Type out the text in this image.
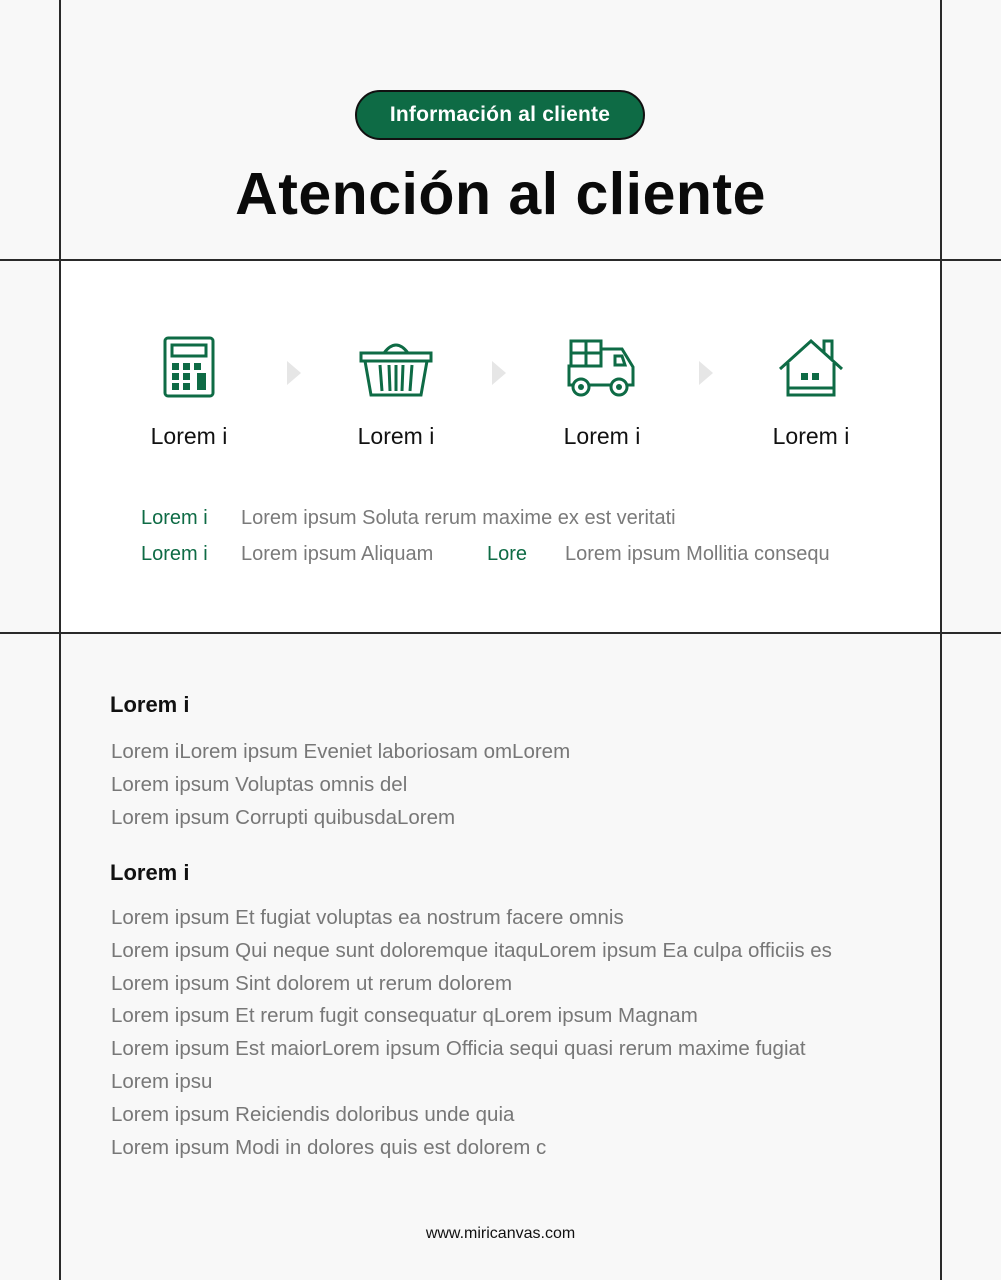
Información al cliente
Atención al cliente
Lorem i	Lorem i	Lorem i	Lorem i
Lorem i Lorem ipsum Soluta rerum maxime ex est veritati
Lorem i Lorem ipsum Aliquam	Lore Lorem ipsum Mollitia consequ
Lorem i
Lorem iLorem ipsum Eveniet laboriosam omLorem
Lorem ipsum Voluptas omnis del
Lorem ipsum Corrupti quibusdaLorem
Lorem i
Lorem ipsum Et fugiat voluptas ea nostrum facere omnis
Lorem ipsum Qui neque sunt doloremque itaquLorem ipsum Ea culpa officiis es
Lorem ipsum Sint dolorem ut rerum dolorem
Lorem ipsum Et rerum fugit consequatur qLorem ipsum Magnam
Lorem ipsum Est maiorLorem ipsum Officia sequi quasi rerum maxime fugiat
Lorem ipsu
Lorem ipsum Reiciendis doloribus unde quia
Lorem ipsum Modi in dolores quis est dolorem c
www.miricanvas.com
